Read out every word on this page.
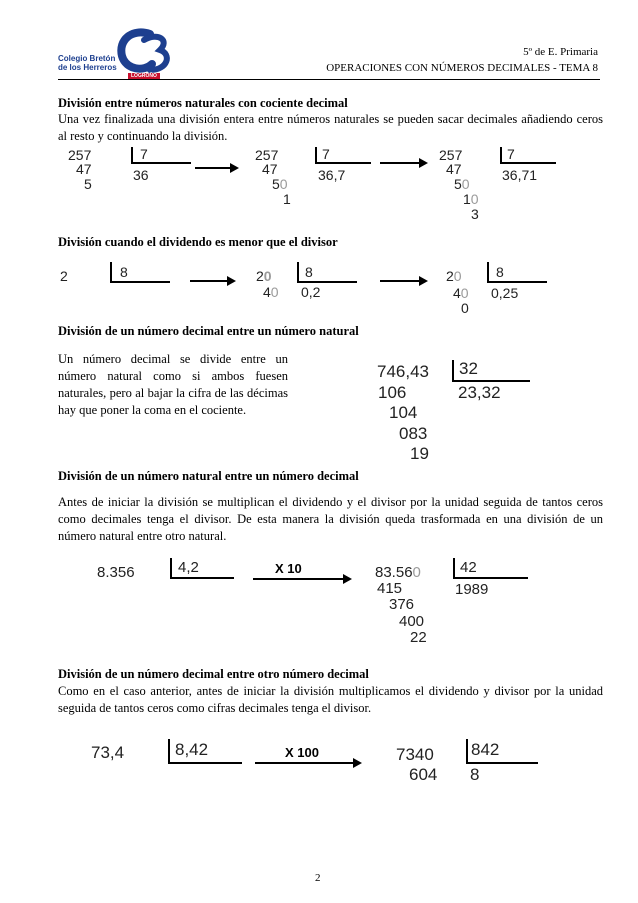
Colegio Bretón
de los Herreros
LOGROÑO
5º de E. Primaria
OPERACIONES CON NÚMEROS DECIMALES - TEMA 8
División entre números naturales con cociente decimal
Una vez finalizada una división entera entre números naturales se pueden sacar decimales añadiendo ceros al resto y continuando la división.
257
47
5
7
36
257
47
50
1
7
36,7
257
47
50
10
3
7
36,71
División cuando el dividendo es menor que el divisor
2	8	20
40
8
0,2
20
40
0
8
0,25
División de un número decimal entre un número natural
Un número decimal se divide entre un número natural como si ambos fuesen naturales, pero al bajar la cifra de las décimas hay que poner la coma en el cociente.
746,43
106
104
083
19
32
23,32
División de un número natural entre un número decimal
Antes de iniciar la división se multiplican el dividendo y el divisor por la unidad seguida de tantos ceros como decimales tenga el divisor. De esta manera la división queda trasformada en una división de un número natural entre otro natural.
8.356	4,2	X 10	83.560
415
376
400
22
42
1989
División de un número decimal entre otro número decimal
Como en el caso anterior, antes de iniciar la división multiplicamos el dividendo y divisor por la unidad seguida de tantos ceros como cifras decimales tenga el divisor.
73,4	8,42	X 100	7340
604
842
8
2
